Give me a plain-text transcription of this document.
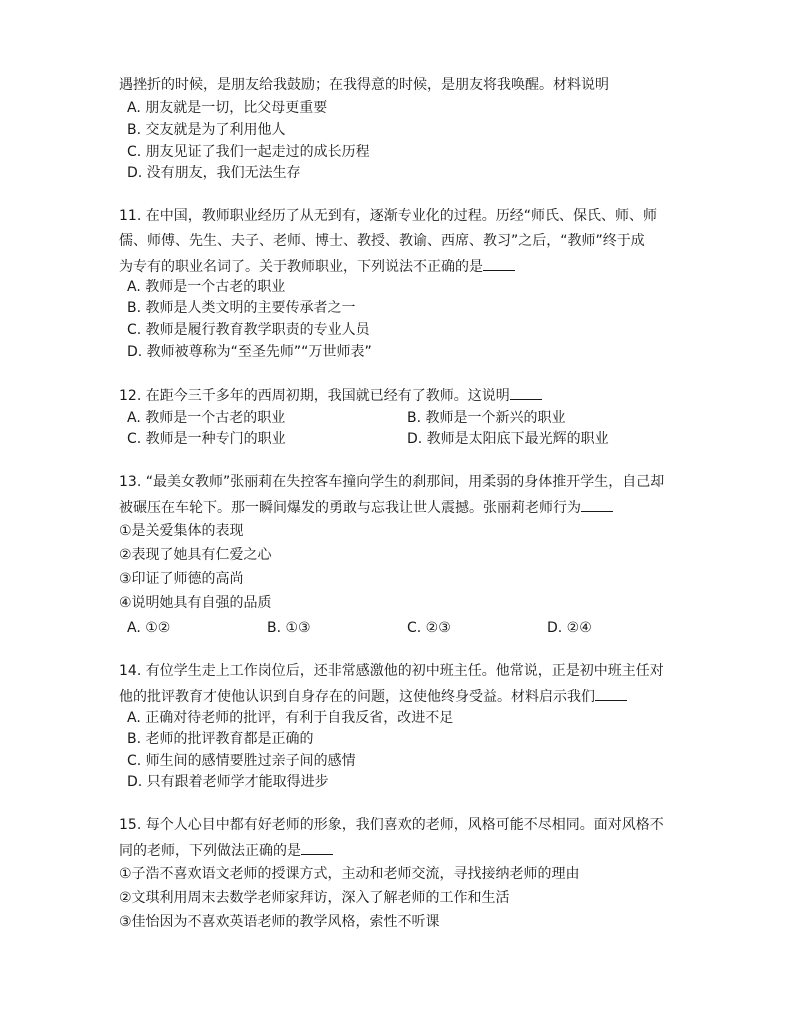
遇挫折的时候，是朋友给我鼓励；在我得意的时候，是朋友将我唤醒。材料说明
A. 朋友就是一切，比父母更重要
B. 交友就是为了利用他人
C. 朋友见证了我们一起走过的成长历程
D. 没有朋友，我们无法生存
11. 在中国，教师职业经历了从无到有，逐渐专业化的过程。历经“师氏、保氏、师、师
儒、师傅、先生、夫子、老师、博士、教授、教谕、西席、教习”之后，“教师”终于成
为专有的职业名词了。关于教师职业，下列说法不正确的是
A. 教师是一个古老的职业
B. 教师是人类文明的主要传承者之一
C. 教师是履行教育教学职责的专业人员
D. 教师被尊称为“至圣先师”“万世师表”
12. 在距今三千多年的西周初期，我国就已经有了教师。这说明
A. 教师是一个古老的职业	B. 教师是一个新兴的职业
C. 教师是一种专门的职业	D. 教师是太阳底下最光辉的职业
13. “最美女教师”张丽莉在失控客车撞向学生的刹那间，用柔弱的身体推开学生，自己却
被碾压在车轮下。那一瞬间爆发的勇敢与忘我让世人震撼。张丽莉老师行为
①是关爱集体的表现
②表现了她具有仁爱之心
③印证了师德的高尚
④说明她具有自强的品质
A. ①②	B. ①③	C. ②③	D. ②④
14. 有位学生走上工作岗位后，还非常感激他的初中班主任。他常说，正是初中班主任对
他的批评教育才使他认识到自身存在的问题，这使他终身受益。材料启示我们
A. 正确对待老师的批评，有利于自我反省，改进不足
B. 老师的批评教育都是正确的
C. 师生间的感情要胜过亲子间的感情
D. 只有跟着老师学才能取得进步
15. 每个人心目中都有好老师的形象，我们喜欢的老师，风格可能不尽相同。面对风格不
同的老师，下列做法正确的是
①子浩不喜欢语文老师的授课方式，主动和老师交流，寻找接纳老师的理由
②文琪利用周末去数学老师家拜访，深入了解老师的工作和生活
③佳怡因为不喜欢英语老师的教学风格，索性不听课
